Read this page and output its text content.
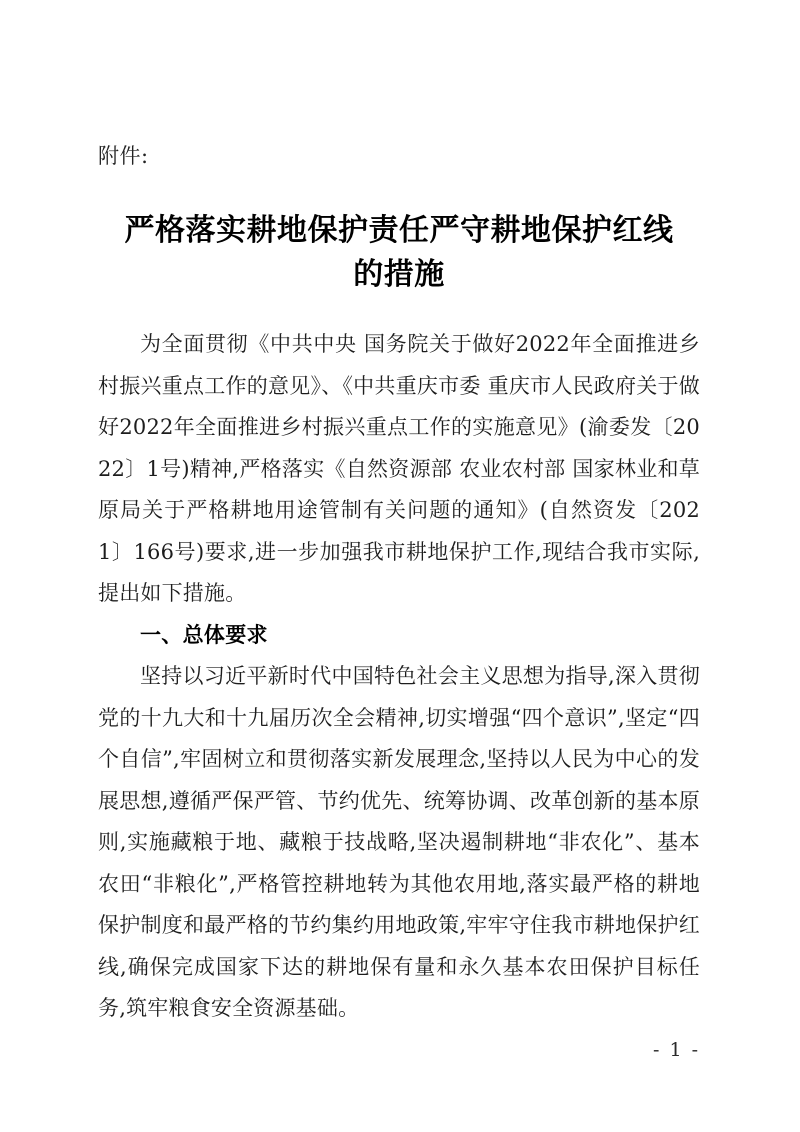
附件:
严格落实耕地保护责任严守耕地保护红线
的措施

为全面贯彻《中共中央 国务院关于做好2022年全面推进乡村振兴重点工作的意见》、《中共重庆市委 重庆市人民政府关于做好2022年全面推进乡村振兴重点工作的实施意见》(渝委发〔2022〕1号)精神,严格落实《自然资源部 农业农村部 国家林业和草原局关于严格耕地用途管制有关问题的通知》(自然资发〔2021〕166号)要求,进一步加强我市耕地保护工作,现结合我市实际,提出如下措施。

一、总体要求

坚持以习近平新时代中国特色社会主义思想为指导,深入贯彻党的十九大和十九届历次全会精神,切实增强“四个意识”,坚定“四个自信”,牢固树立和贯彻落实新发展理念,坚持以人民为中心的发展思想,遵循严保严管、节约优先、统筹协调、改革创新的基本原则,实施藏粮于地、藏粮于技战略,坚决遏制耕地“非农化”、基本农田“非粮化”,严格管控耕地转为其他农用地,落实最严格的耕地保护制度和最严格的节约集约用地政策,牢牢守住我市耕地保护红线,确保完成国家下达的耕地保有量和永久基本农田保护目标任务,筑牢粮食安全资源基础。

- 1 -
